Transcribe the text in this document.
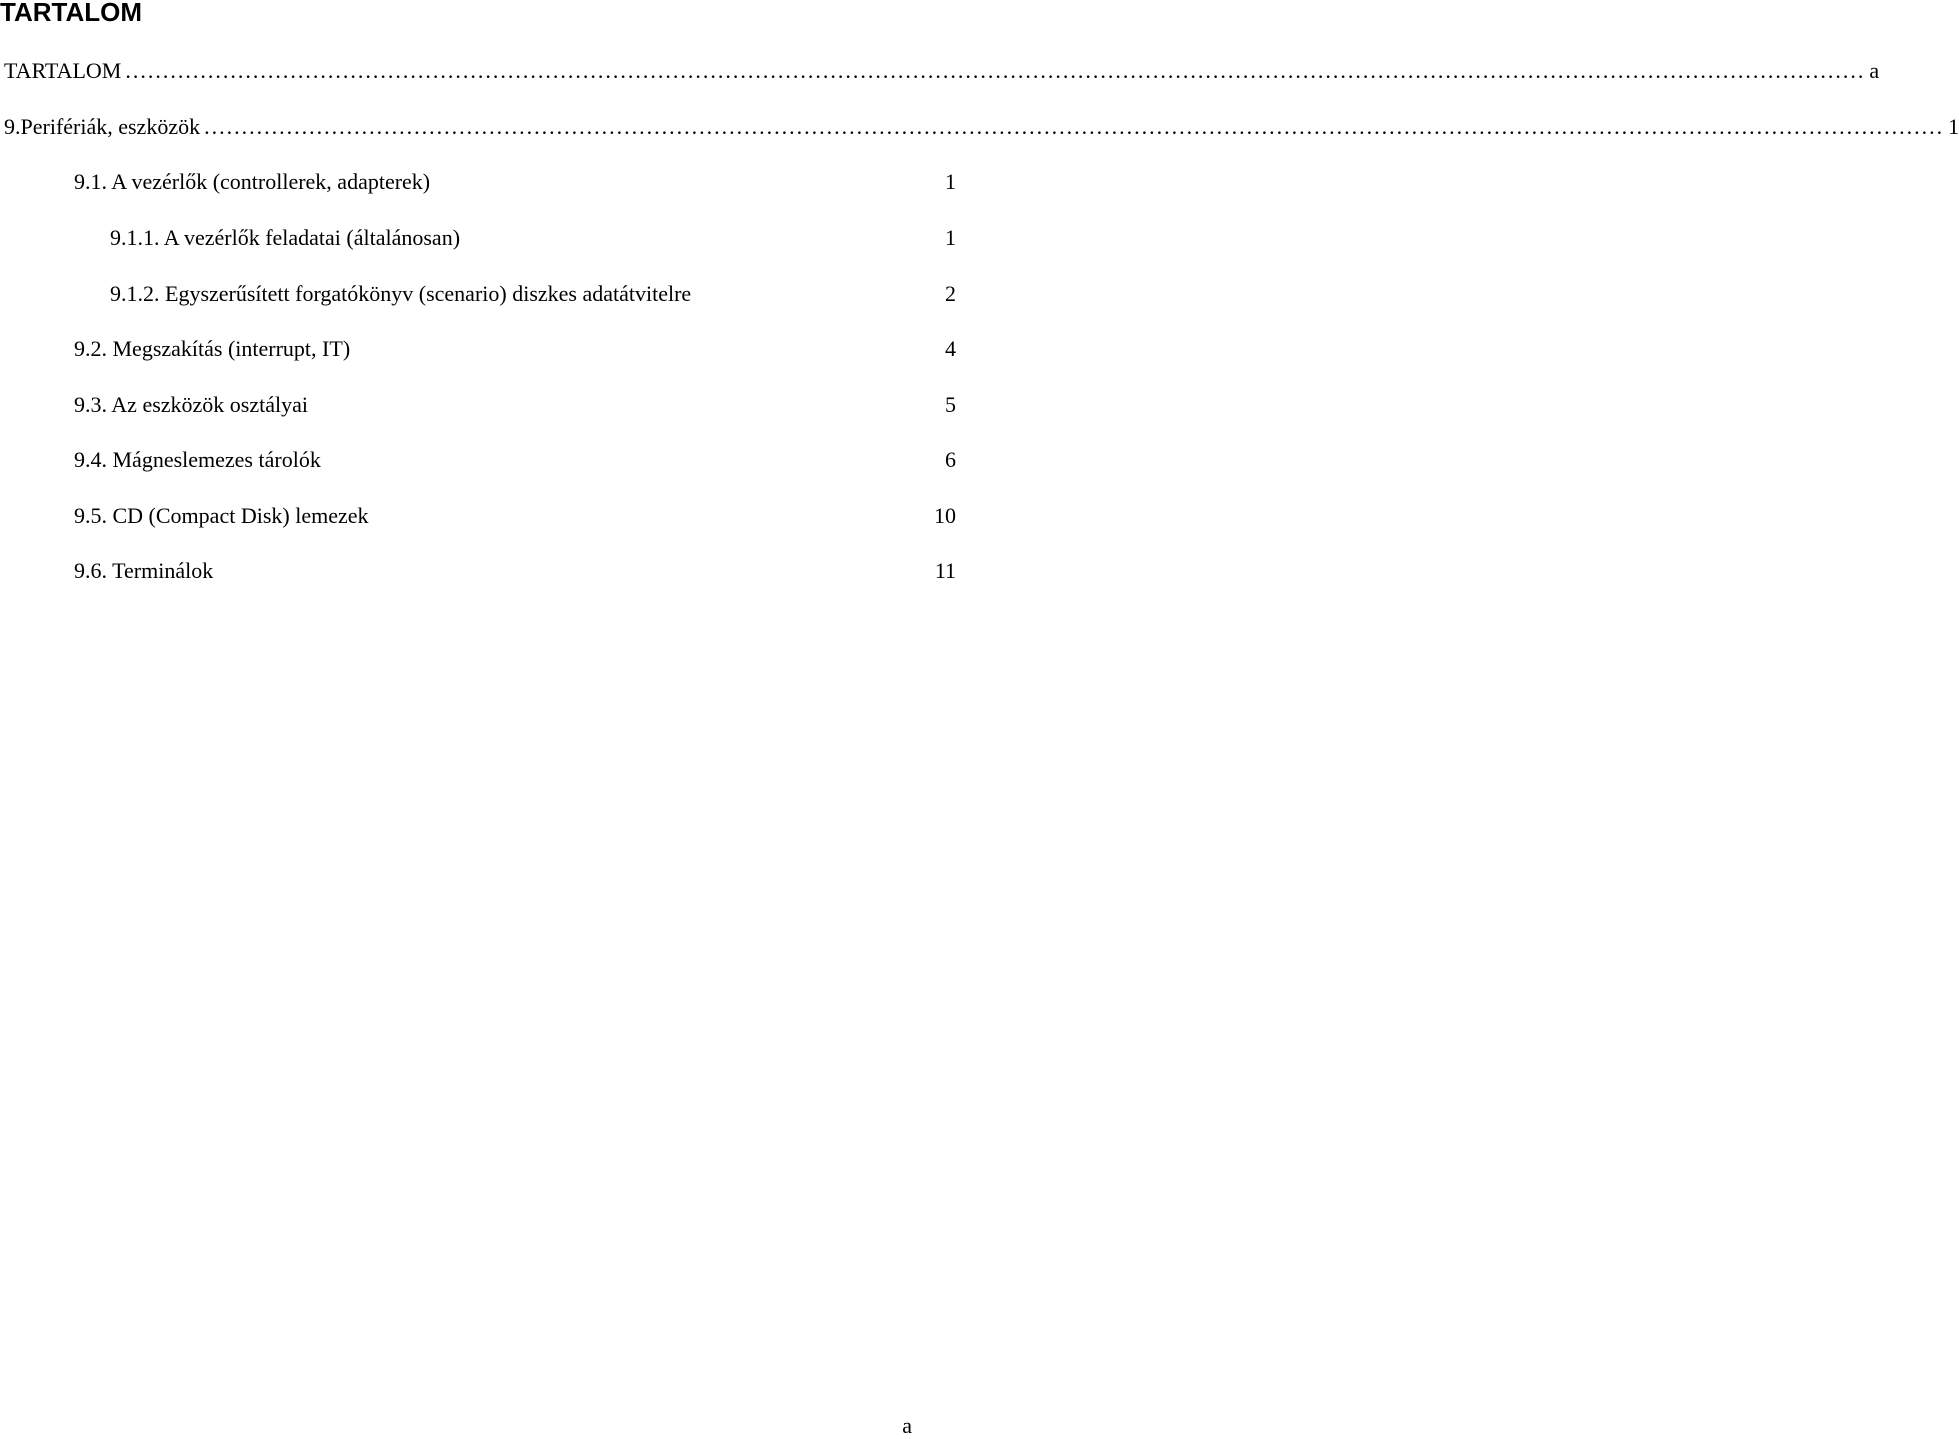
TARTALOM
TARTALOM ........................................................................................................................................................................................................................................ a
9.Perifériák, eszközök ........................................................................................................................................................................................................................................ 1
9.1. A vezérlők (controllerek, adapterek)	1
9.1.1. A vezérlők feladatai (általánosan)	1
9.1.2. Egyszerűsített forgatókönyv (scenario) diszkes adatátvitelre	2
9.2. Megszakítás (interrupt, IT)	4
9.3. Az eszközök osztályai	5
9.4. Mágneslemezes tárolók	6
9.5. CD (Compact Disk) lemezek	10
9.6. Terminálok	11
a
